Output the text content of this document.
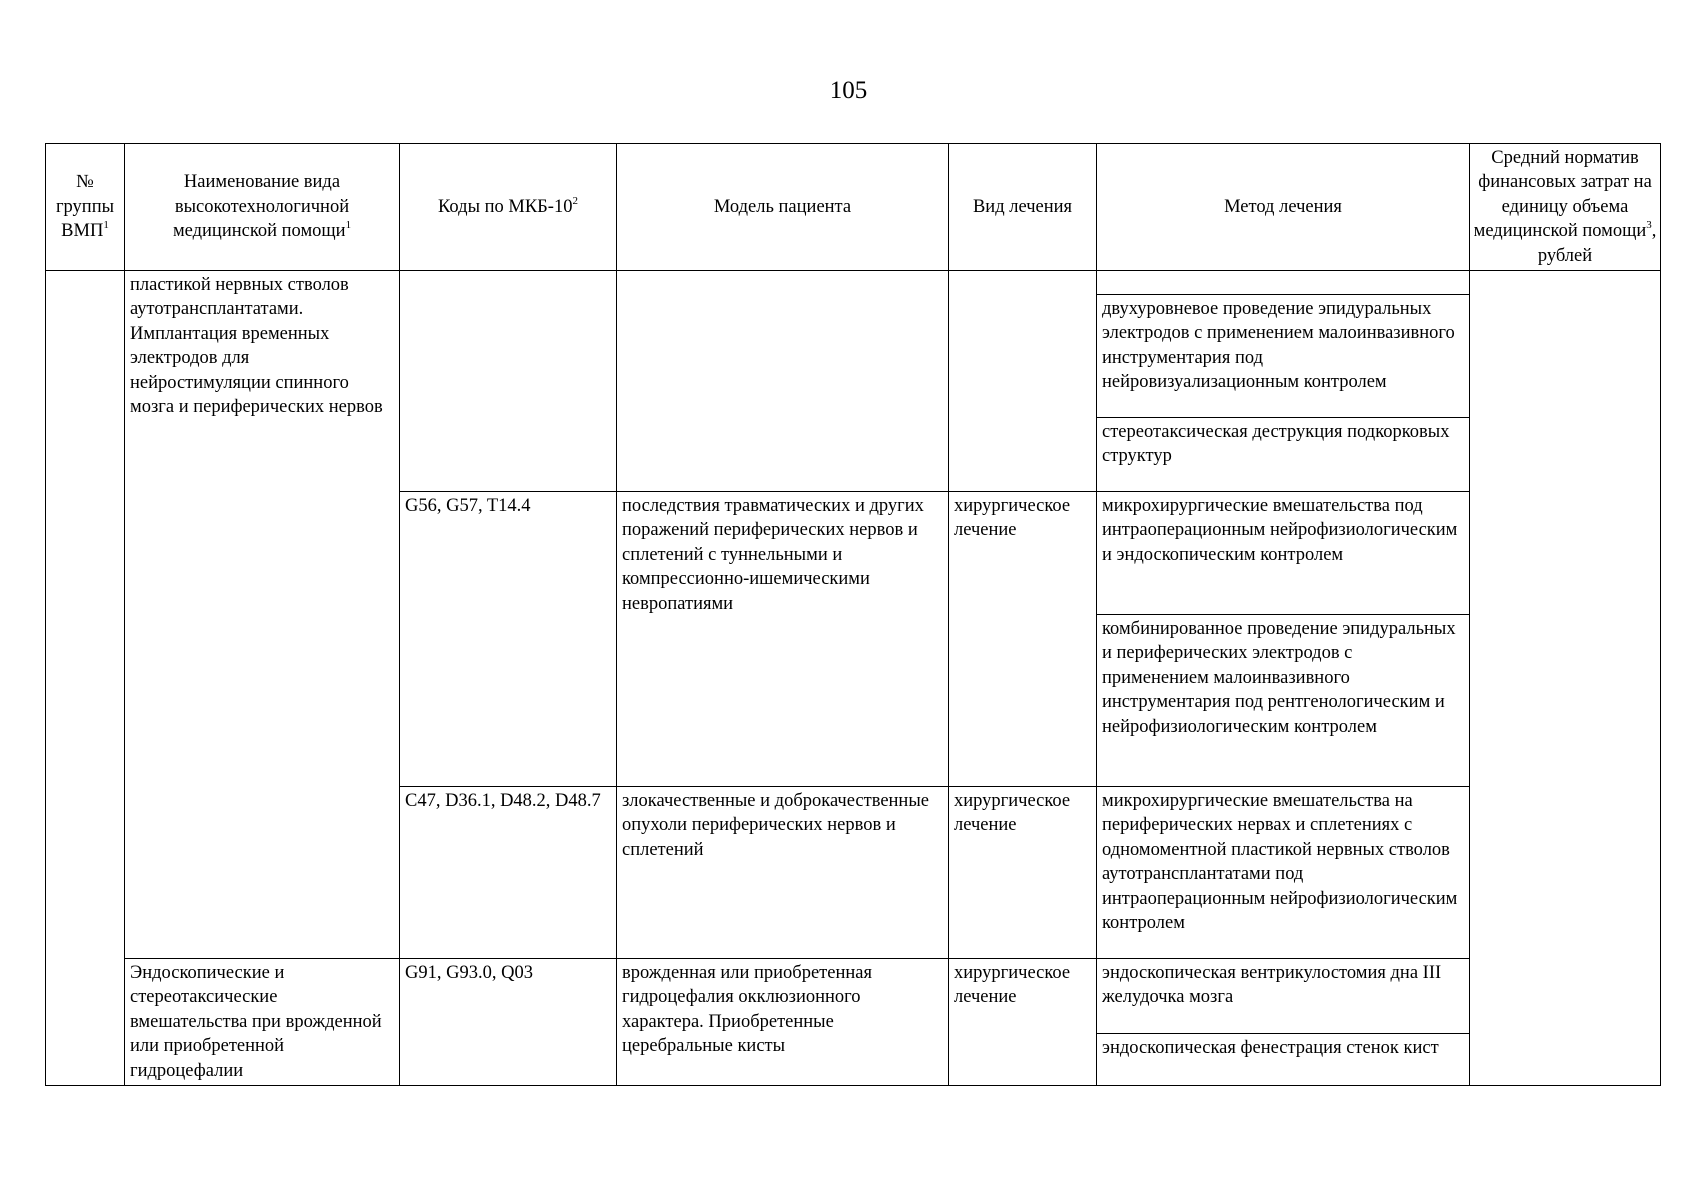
105
№
группы
ВМП$^1$	Наименование вида высокотехнологичной медицинской помощи$^1$	Коды по МКБ-$10^2$	Модель пациента	Вид лечения	Метод лечения	Средний норматив финансовых затрат на единицу объема медицинской помощи$^3$, рублей
	пластикой нервных стволов аутотрансплантатами. Имплантация временных электродов для нейростимуляции спинного мозга и периферических нервов					
					двухуровневое проведение эпидуральных электродов с применением малоинвазивного инструментария под нейровизуализационным контролем	
					стереотаксическая деструкция подкорковых структур	
		G56, G57, T14.4	последствия травматических и других поражений периферических нервов и сплетений с туннельными и компрессионно-ишемическими невропатиями	хирургическое лечение	микрохирургические вмешательства под интраоперационным нейрофизиологическим и эндоскопическим контролем	
					комбинированное проведение эпидуральных и периферических электродов с применением малоинвазивного инструментария под рентгенологическим и нейрофизиологическим контролем	
		C47, D36.1, D48.2, D48.7	злокачественные и доброкачественные опухоли периферических нервов и сплетений	хирургическое лечение	микрохирургические вмешательства на периферических нервах и сплетениях с одномоментной пластикой нервных стволов аутотрансплантатами под интраоперационным нейрофизиологическим контролем	

	Эндоскопические и стереотаксические вмешательства при врожденной или приобретенной гидроцефалии	G91, G93.0, Q03	врожденная или приобретенная гидроцефалия окклюзионного характера. Приобретенные церебральные кисты	хирургическое лечение	эндоскопическая вентрикулостомия дна III желудочка мозга	
					эндоскопическая фенестрация стенок кист	
